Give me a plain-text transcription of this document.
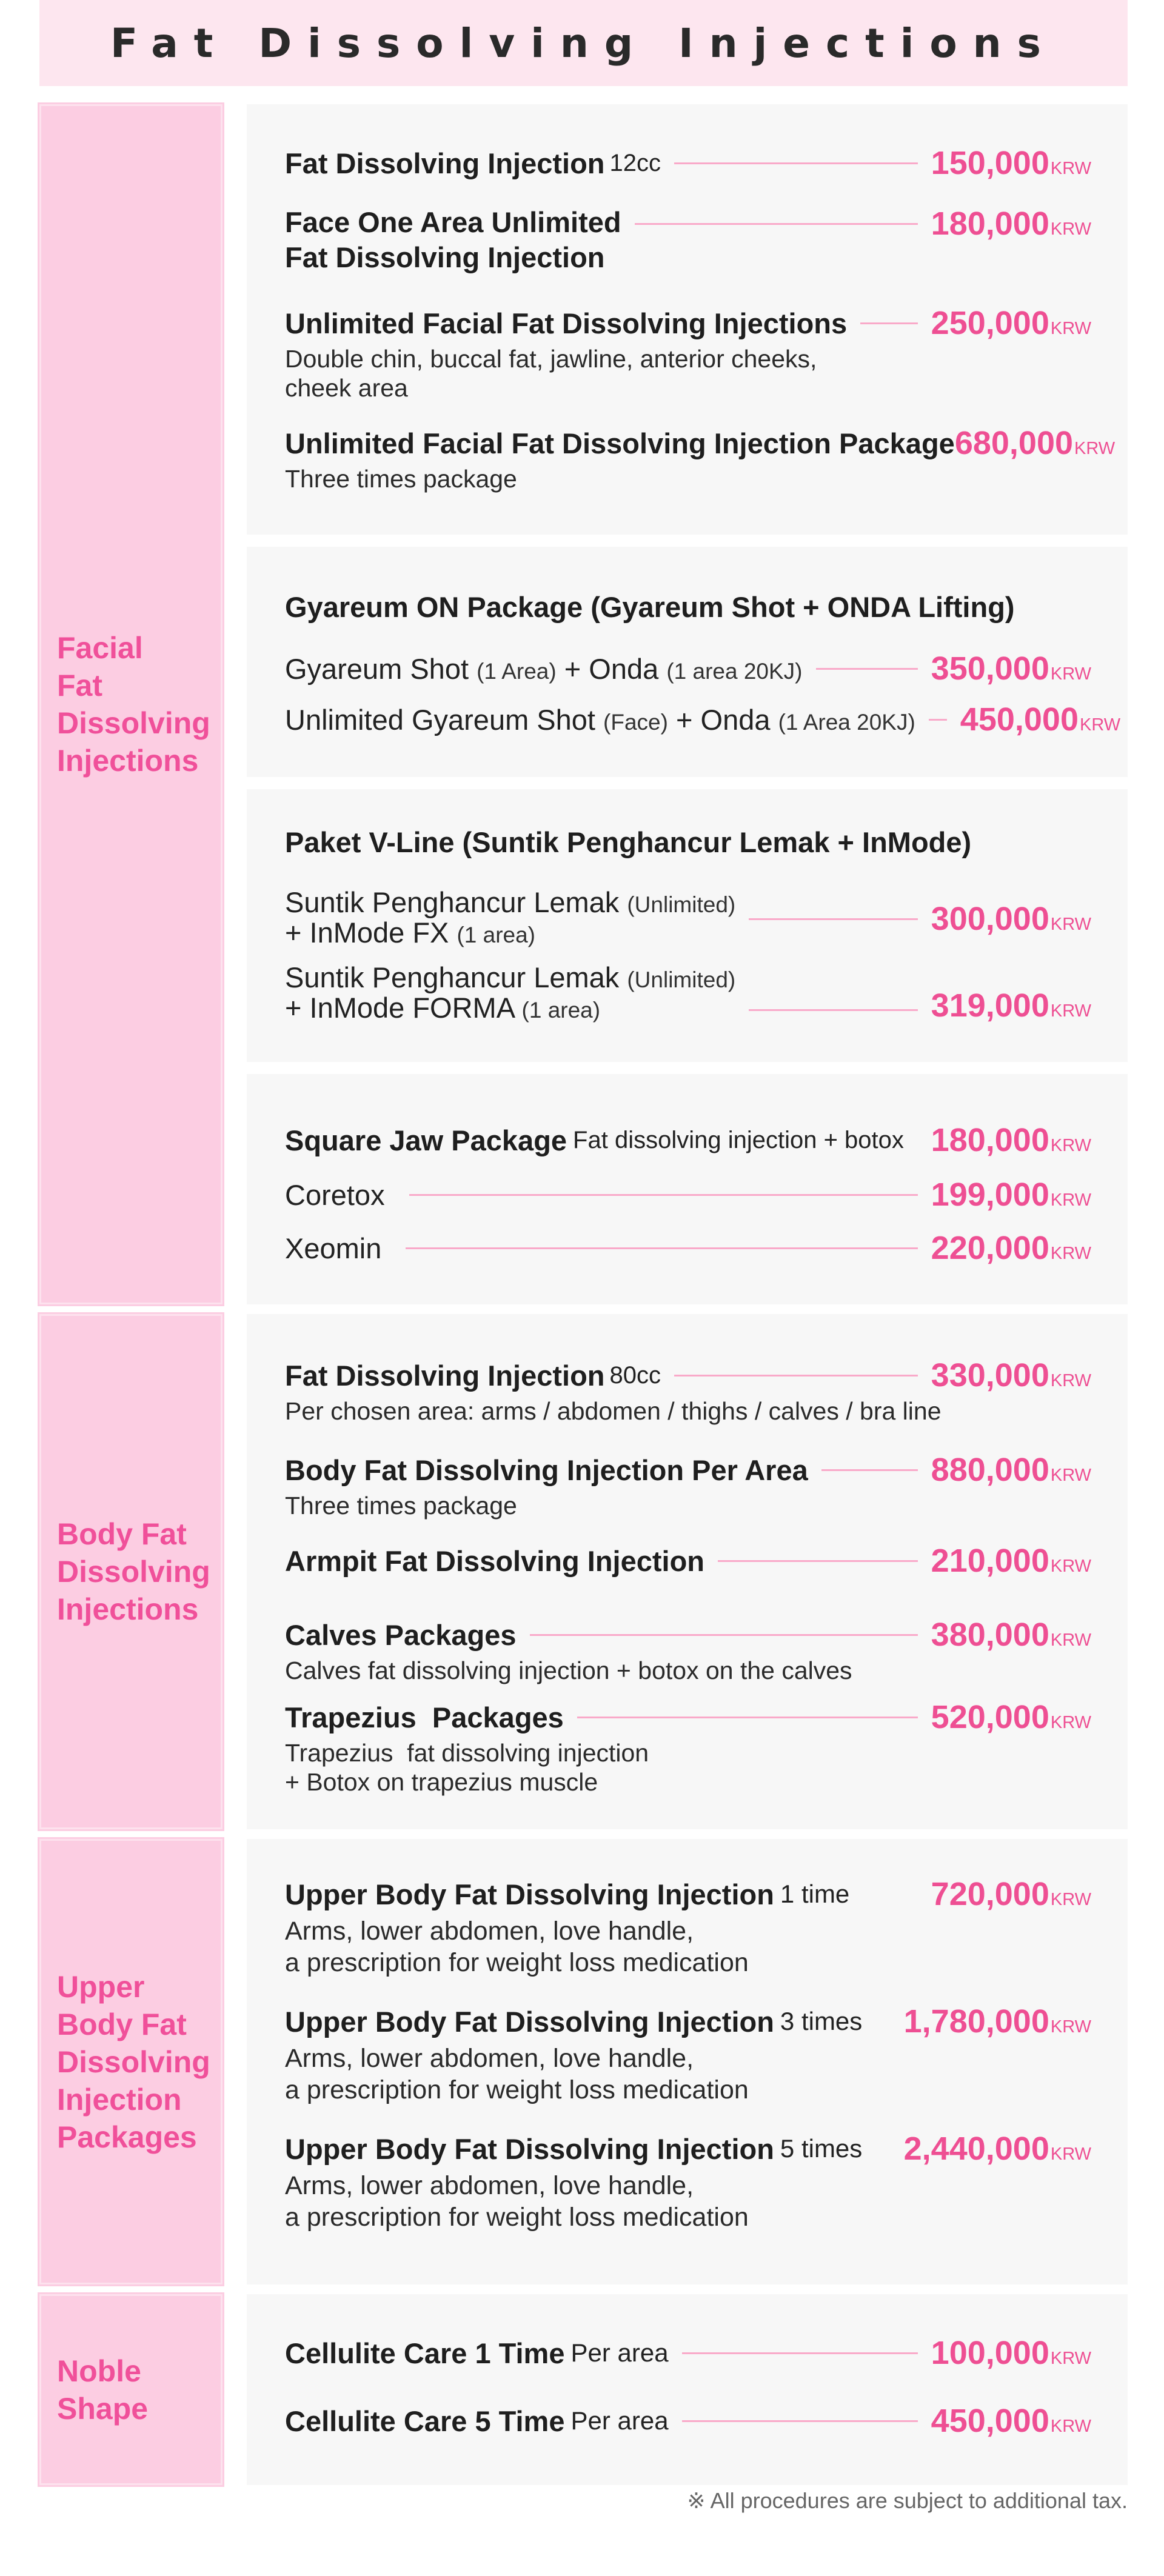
Fat Dissolving Injections
Facial
Fat
Dissolving
Injections
Body Fat
Dissolving
Injections
Upper
Body Fat
Dissolving
Injection
Packages
Noble
Shape
Fat Dissolving Injection 12cc	150,000KRW
Face One Area Unlimited
Fat Dissolving Injection
180,000KRW
Unlimited Facial Fat Dissolving Injections	250,000KRW
Double chin, buccal fat, jawline, anterior cheeks,
cheek area
Unlimited Facial Fat Dissolving Injection Package 680,000KRW
Three times package
Gyareum ON Package (Gyareum Shot + ONDA Lifting)
Gyareum Shot (1 Area) + Onda (1 area 20KJ)	350,000KRW
Unlimited Gyareum Shot (Face) + Onda (1 Area 20KJ) 450,000KRW
Paket V-Line (Suntik Penghancur Lemak + InMode)
Suntik Penghancur Lemak (Unlimited)
+ InMode FX (1 area)	300,000KRW
Suntik Penghancur Lemak (Unlimited)
+ InMode FORMA (1 area)	319,000KRW
Square Jaw Package Fat dissolving injection + botox 180,000KRW
Coretox	199,000KRW
Xeomin	220,000KRW
Fat Dissolving Injection 80cc	330,000KRW
Per chosen area: arms / abdomen / thighs / calves / bra line
Body Fat Dissolving Injection Per Area	880,000KRW
Three times package
Armpit Fat Dissolving Injection	210,000KRW
Calves Packages	380,000KRW
Calves fat dissolving injection + botox on the calves
Trapezius  Packages	520,000KRW
Trapezius  fat dissolving injection
+ Botox on trapezius muscle
Upper Body Fat Dissolving Injection 1 time 720,000KRW
Arms, lower abdomen, love handle,
a prescription for weight loss medication
Upper Body Fat Dissolving Injection 3 times 1,780,000KRW
Arms, lower abdomen, love handle,
a prescription for weight loss medication
Upper Body Fat Dissolving Injection 5 times 2,440,000KRW
Arms, lower abdomen, love handle,
a prescription for weight loss medication
Cellulite Care 1 Time Per area	100,000KRW
Cellulite Care 5 Time Per area	450,000KRW
※ All procedures are subject to additional tax.
